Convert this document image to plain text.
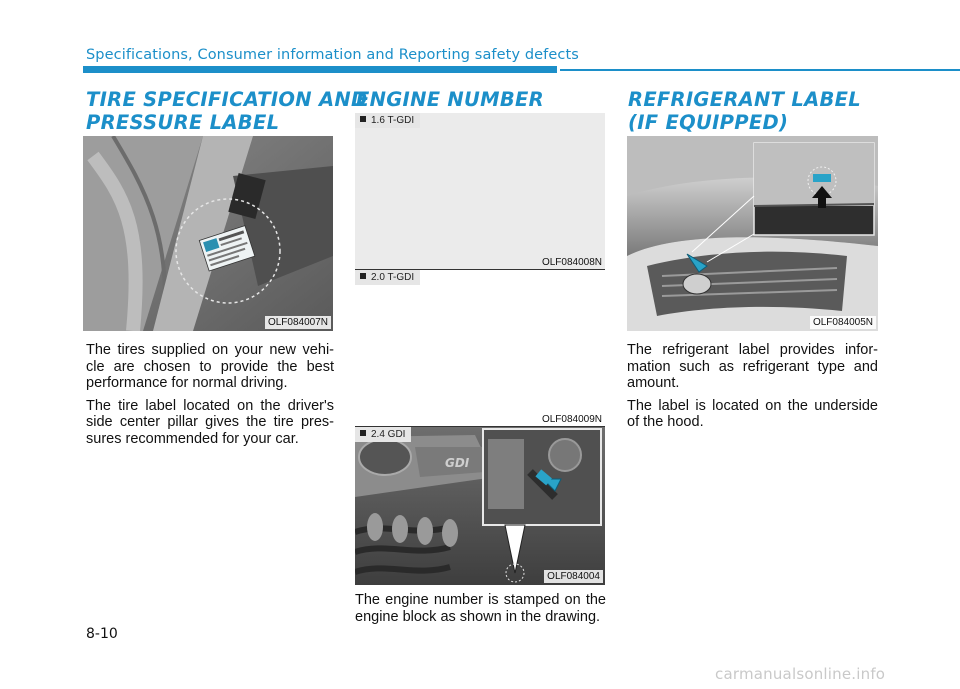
Specifications, Consumer information and Reporting safety defects
TIRE SPECIFICATION AND
PRESSURE LABEL
OLF084007N

The tires supplied on your new vehi-cle are chosen to provide the best performance for normal driving.

The tire label located on the driver's side center pillar gives the tire pres-sures recommended for your car.

ENGINE NUMBER
1.6 T-GDI
OLF084008N
2.0 T-GDI
OLF084009N
GDI
2.4 GDI
OLF084004

The engine number is stamped on the engine block as shown in the drawing.

REFRIGERANT LABEL
(IF EQUIPPED)
OLF084005N

The refrigerant label provides infor-mation such as refrigerant type and amount.

The label is located on the underside of the hood.

8-10
carmanualsonline.info
